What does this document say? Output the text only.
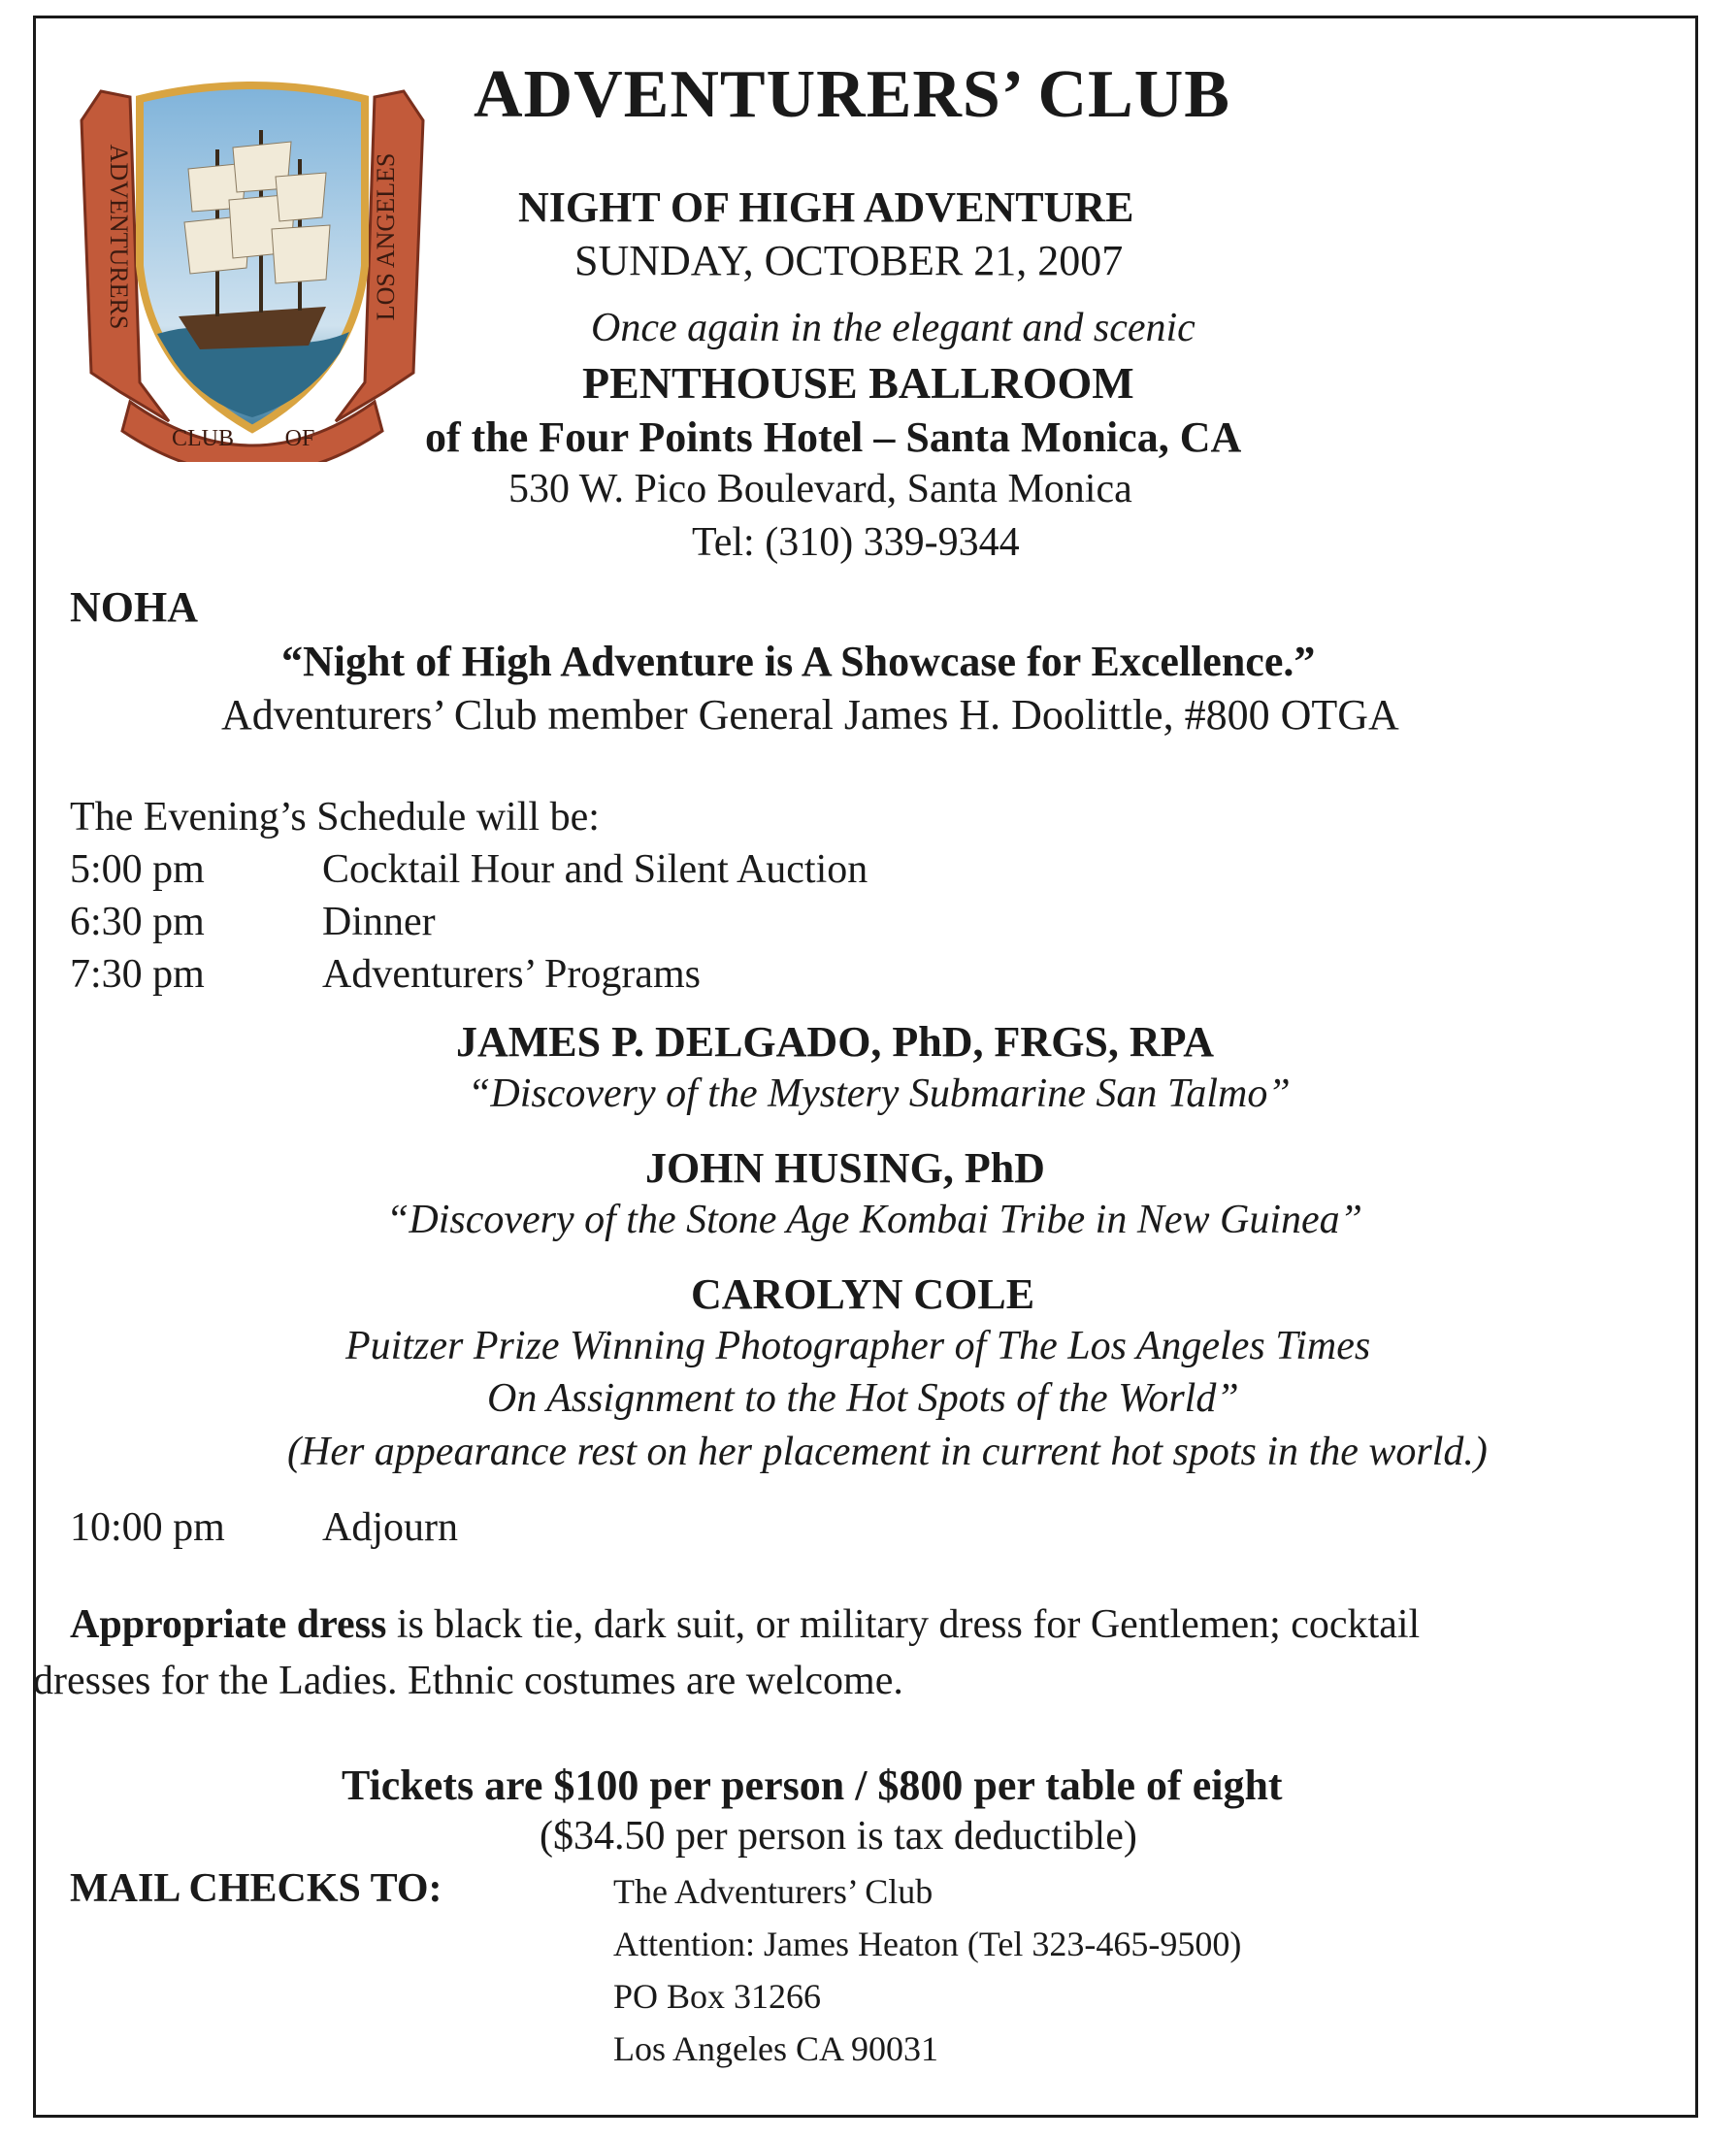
ADVENTURERS	LOS ANGELES
CLUB OF
ADVENTURERS’ CLUB
NIGHT OF HIGH ADVENTURE
SUNDAY, OCTOBER 21, 2007
Once again in the elegant and scenic
PENTHOUSE BALLROOM
of the Four Points Hotel – Santa Monica, CA
530 W. Pico Boulevard, Santa Monica
Tel: (310) 339-9344
NOHA
“Night of High Adventure is A Showcase for Excellence.”
Adventurers’ Club member General James H. Doolittle, #800 OTGA
The Evening’s Schedule will be:
5:00 pm	Cocktail Hour and Silent Auction
6:30 pm	Dinner
7:30 pm	Adventurers’ Programs
JAMES P. DELGADO, PhD, FRGS, RPA
“Discovery of the Mystery Submarine San Talmo”
JOHN HUSING, PhD
“Discovery of the Stone Age Kombai Tribe in New Guinea”
CAROLYN COLE
Puitzer Prize Winning Photographer of The Los Angeles Times
On Assignment to the Hot Spots of the World”
(Her appearance rest on her placement in current hot spots in the world.)
10:00 pm Adjourn
Appropriate dress is black tie, dark suit, or military dress for Gentlemen; cocktail
dresses for the Ladies. Ethnic costumes are welcome.
Tickets are $100 per person / $800 per table of eight
($34.50 per person is tax deductible)
MAIL CHECKS TO:	The Adventurers’ Club
Attention: James Heaton (Tel 323-465-9500)
PO Box 31266
Los Angeles CA 90031
